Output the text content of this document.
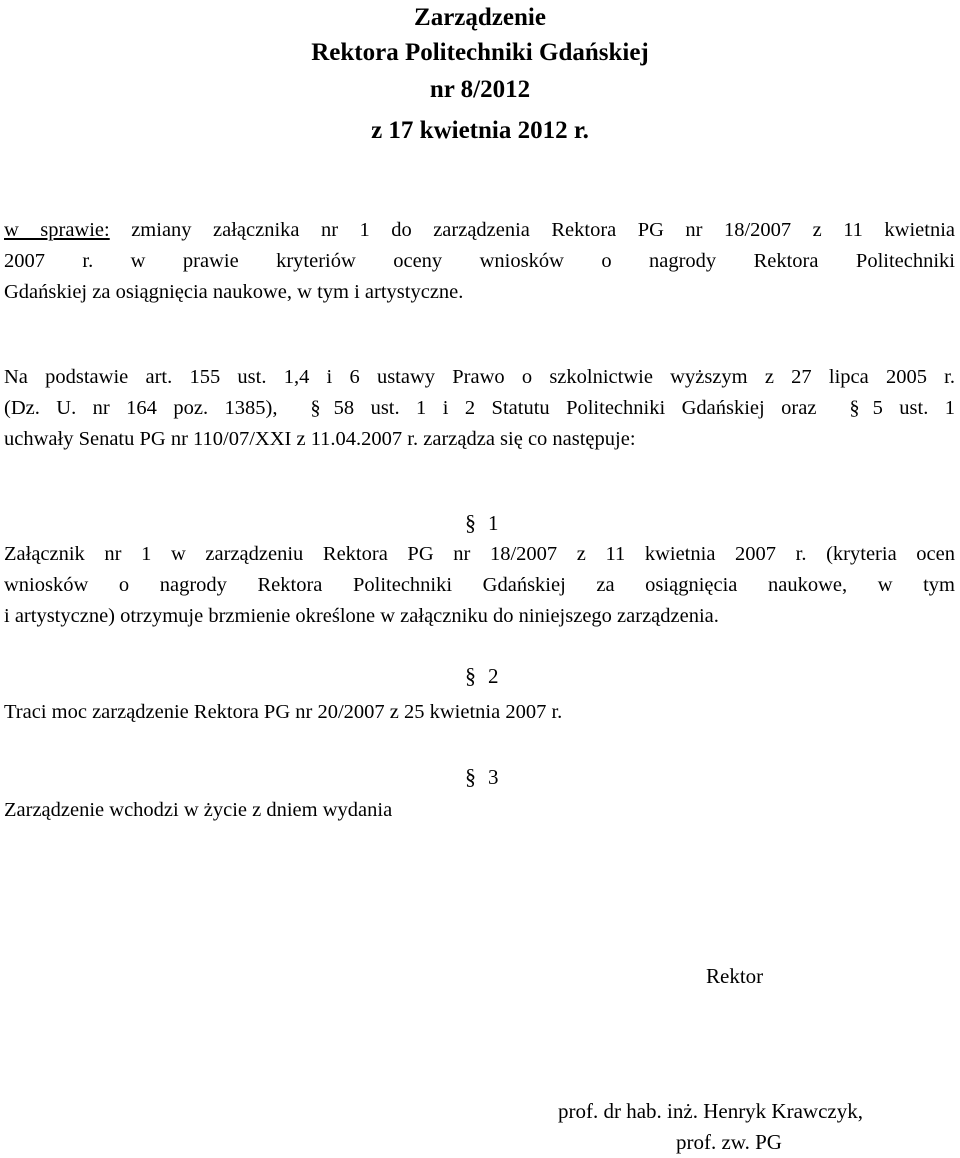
Zarządzenie
Rektora Politechniki Gdańskiej
nr 8/2012
z 17 kwietnia 2012 r.
w sprawie: zmiany załącznika nr 1 do zarządzenia Rektora PG nr 18/2007 z 11 kwietnia
2007 r. w prawie kryteriów oceny wniosków o nagrody Rektora Politechniki
Gdańskiej za osiągnięcia naukowe, w tym i artystyczne.
Na podstawie art. 155 ust. 1,4 i 6 ustawy Prawo o szkolnictwie wyższym z 27 lipca 2005 r.
(Dz. U. nr 164 poz. 1385), § 58 ust. 1 i 2 Statutu Politechniki Gdańskiej oraz § 5 ust. 1
uchwały Senatu PG nr 110/07/XXI z 11.04.2007 r. zarządza się co następuje:
§ 1
Załącznik nr 1 w zarządzeniu Rektora PG nr 18/2007 z 11 kwietnia 2007 r. (kryteria ocen
wniosków o nagrody Rektora Politechniki Gdańskiej za osiągnięcia naukowe, w tym
i artystyczne) otrzymuje brzmienie określone w załączniku do niniejszego zarządzenia.
§ 2
Traci moc zarządzenie Rektora PG nr 20/2007 z 25 kwietnia 2007 r.
§ 3
Zarządzenie wchodzi w życie z dniem wydania
Rektor
prof. dr hab. inż. Henryk Krawczyk,
prof. zw. PG
